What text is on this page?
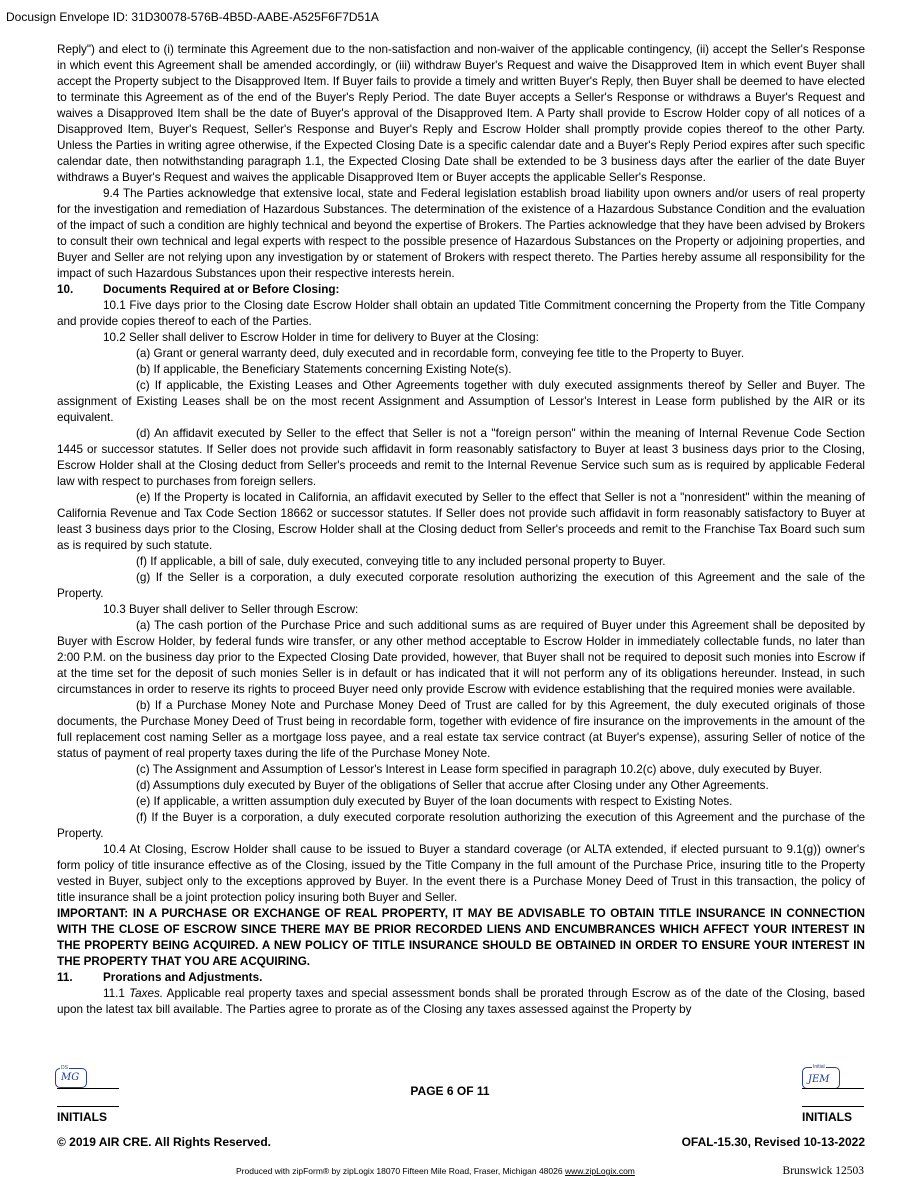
Docusign Envelope ID: 31D30078-576B-4B5D-AABE-A525F6F7D51A

Reply") and elect to (i) terminate this Agreement due to the non-satisfaction and non-waiver of the applicable contingency, (ii) accept the Seller's Response in which event this Agreement shall be amended accordingly, or (iii) withdraw Buyer's Request and waive the Disapproved Item in which event Buyer shall accept the Property subject to the Disapproved Item. If Buyer fails to provide a timely and written Buyer's Reply, then Buyer shall be deemed to have elected to terminate this Agreement as of the end of the Buyer's Reply Period. The date Buyer accepts a Seller's Response or withdraws a Buyer's Request and waives a Disapproved Item shall be the date of Buyer's approval of the Disapproved Item. A Party shall provide to Escrow Holder copy of all notices of a Disapproved Item, Buyer's Request, Seller's Response and Buyer's Reply and Escrow Holder shall promptly provide copies thereof to the other Party. Unless the Parties in writing agree otherwise, if the Expected Closing Date is a specific calendar date and a Buyer's Reply Period expires after such specific calendar date, then notwithstanding paragraph 1.1, the Expected Closing Date shall be extended to be 3 business days after the earlier of the date Buyer withdraws a Buyer's Request and waives the applicable Disapproved Item or Buyer accepts the applicable Seller's Response.

9.4 The Parties acknowledge that extensive local, state and Federal legislation establish broad liability upon owners and/or users of real property for the investigation and remediation of Hazardous Substances. The determination of the existence of a Hazardous Substance Condition and the evaluation of the impact of such a condition are highly technical and beyond the expertise of Brokers. The Parties acknowledge that they have been advised by Brokers to consult their own technical and legal experts with respect to the possible presence of Hazardous Substances on the Property or adjoining properties, and Buyer and Seller are not relying upon any investigation by or statement of Brokers with respect thereto. The Parties hereby assume all responsibility for the impact of such Hazardous Substances upon their respective interests herein.

10.	Documents Required at or Before Closing:

10.1 Five days prior to the Closing date Escrow Holder shall obtain an updated Title Commitment concerning the Property from the Title Company and provide copies thereof to each of the Parties.

10.2 Seller shall deliver to Escrow Holder in time for delivery to Buyer at the Closing:

(a) Grant or general warranty deed, duly executed and in recordable form, conveying fee title to the Property to Buyer.

(b) If applicable, the Beneficiary Statements concerning Existing Note(s).

(c) If applicable, the Existing Leases and Other Agreements together with duly executed assignments thereof by Seller and Buyer. The assignment of Existing Leases shall be on the most recent Assignment and Assumption of Lessor's Interest in Lease form published by the AIR or its equivalent.

(d) An affidavit executed by Seller to the effect that Seller is not a "foreign person" within the meaning of Internal Revenue Code Section 1445 or successor statutes. If Seller does not provide such affidavit in form reasonably satisfactory to Buyer at least 3 business days prior to the Closing, Escrow Holder shall at the Closing deduct from Seller's proceeds and remit to the Internal Revenue Service such sum as is required by applicable Federal law with respect to purchases from foreign sellers.

(e) If the Property is located in California, an affidavit executed by Seller to the effect that Seller is not a "nonresident" within the meaning of California Revenue and Tax Code Section 18662 or successor statutes. If Seller does not provide such affidavit in form reasonably satisfactory to Buyer at least 3 business days prior to the Closing, Escrow Holder shall at the Closing deduct from Seller's proceeds and remit to the Franchise Tax Board such sum as is required by such statute.

(f) If applicable, a bill of sale, duly executed, conveying title to any included personal property to Buyer.

(g) If the Seller is a corporation, a duly executed corporate resolution authorizing the execution of this Agreement and the sale of the Property.

10.3 Buyer shall deliver to Seller through Escrow:

(a) The cash portion of the Purchase Price and such additional sums as are required of Buyer under this Agreement shall be deposited by Buyer with Escrow Holder, by federal funds wire transfer, or any other method acceptable to Escrow Holder in immediately collectable funds, no later than 2:00 P.M. on the business day prior to the Expected Closing Date provided, however, that Buyer shall not be required to deposit such monies into Escrow if at the time set for the deposit of such monies Seller is in default or has indicated that it will not perform any of its obligations hereunder. Instead, in such circumstances in order to reserve its rights to proceed Buyer need only provide Escrow with evidence establishing that the required monies were available.

(b) If a Purchase Money Note and Purchase Money Deed of Trust are called for by this Agreement, the duly executed originals of those documents, the Purchase Money Deed of Trust being in recordable form, together with evidence of fire insurance on the improvements in the amount of the full replacement cost naming Seller as a mortgage loss payee, and a real estate tax service contract (at Buyer's expense), assuring Seller of notice of the status of payment of real property taxes during the life of the Purchase Money Note.

(c) The Assignment and Assumption of Lessor's Interest in Lease form specified in paragraph 10.2(c) above, duly executed by Buyer.

(d) Assumptions duly executed by Buyer of the obligations of Seller that accrue after Closing under any Other Agreements.

(e) If applicable, a written assumption duly executed by Buyer of the loan documents with respect to Existing Notes.

(f) If the Buyer is a corporation, a duly executed corporate resolution authorizing the execution of this Agreement and the purchase of the Property.

10.4 At Closing, Escrow Holder shall cause to be issued to Buyer a standard coverage (or ALTA extended, if elected pursuant to 9.1(g)) owner's form policy of title insurance effective as of the Closing, issued by the Title Company in the full amount of the Purchase Price, insuring title to the Property vested in Buyer, subject only to the exceptions approved by Buyer. In the event there is a Purchase Money Deed of Trust in this transaction, the policy of title insurance shall be a joint protection policy insuring both Buyer and Seller.

IMPORTANT: IN A PURCHASE OR EXCHANGE OF REAL PROPERTY, IT MAY BE ADVISABLE TO OBTAIN TITLE INSURANCE IN CONNECTION WITH THE CLOSE OF ESCROW SINCE THERE MAY BE PRIOR RECORDED LIENS AND ENCUMBRANCES WHICH AFFECT YOUR INTEREST IN THE PROPERTY BEING ACQUIRED. A NEW POLICY OF TITLE INSURANCE SHOULD BE OBTAINED IN ORDER TO ENSURE YOUR INTEREST IN THE PROPERTY THAT YOU ARE ACQUIRING.

11.	Prorations and Adjustments.

11.1 Taxes. Applicable real property taxes and special assessment bonds shall be prorated through Escrow as of the date of the Closing, based upon the latest tax bill available. The Parties agree to prorate as of the Closing any taxes assessed against the Property by

DS
MG
Initial
JEM
PAGE 6 OF 11
INITIALS	INITIALS
© 2019 AIR CRE. All Rights Reserved.	OFAL-15.30, Revised 10-13-2022
Produced with zipForm® by zipLogix 18070 Fifteen Mile Road, Fraser, Michigan 48026 www.zipLogix.com	Brunswick 12503
